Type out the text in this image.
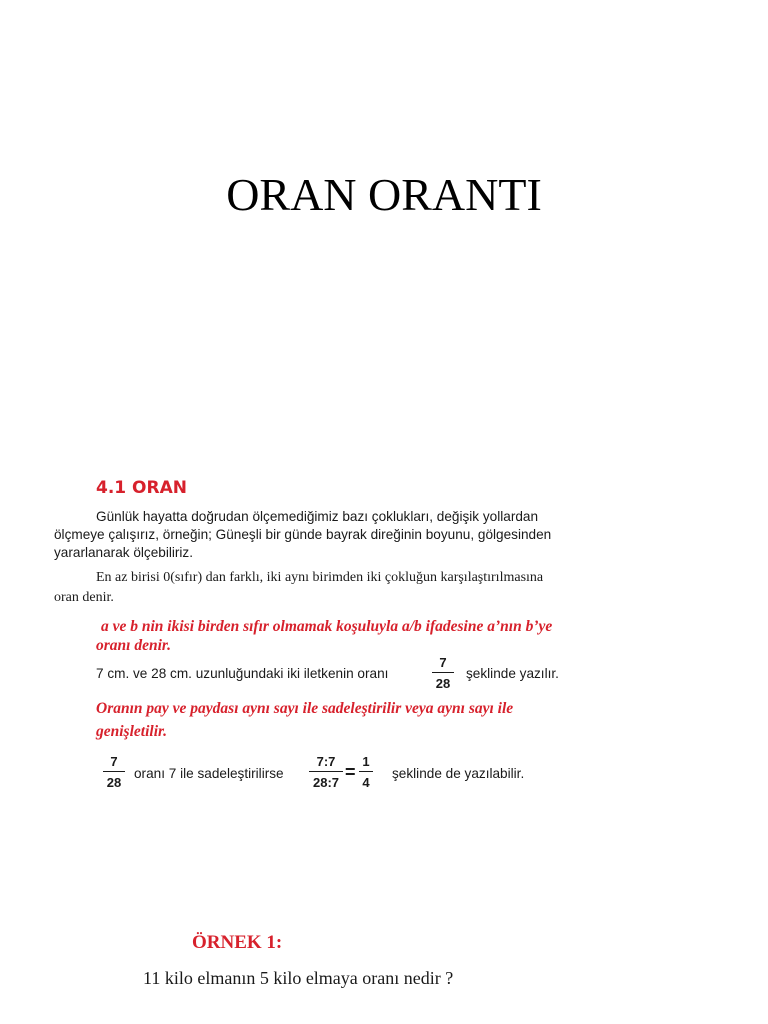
ORAN ORANTI
4.1 ORAN
Günlük hayatta doğrudan ölçemediğimiz bazı çoklukları, değişik yollardan
ölçmeye çalışırız, örneğin; Güneşli bir günde bayrak direğinin boyunu, gölgesinden
yararlanarak ölçebiliriz.
En az birisi 0(sıfır) dan farklı, iki aynı birimden iki çokluğun karşılaştırılmasına
oran denir.
a ve b nin ikisi birden sıfır olmamak koşuluyla a/b ifadesine a’nın b’ye
oranı denir.
7 cm. ve 28 cm. uzunluğundaki iki iletkenin oranı
7
28
şeklinde yazılır.
Oranın pay ve paydası aynı sayı ile sadeleştirilir veya aynı sayı ile
genişletilir.
7
28
oranı 7 ile sadeleştirilirse
7:7
28:7
=
1
4
şeklinde de yazılabilir.
ÖRNEK 1:
11 kilo elmanın 5 kilo elmaya oranı nedir ?
